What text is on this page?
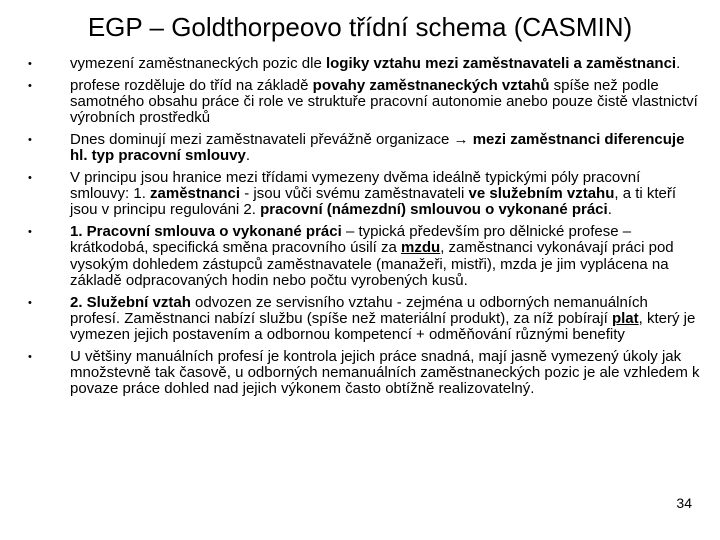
EGP – Goldthorpeovo třídní schema (CASMIN)
•	vymezení zaměstnaneckých pozic dle logiky vztahu mezi zaměstnavateli a zaměstnanci.
•	profese rozděluje do tříd na základě povahy zaměstnaneckých vztahů spíše než podle samotného obsahu práce či role ve struktuře pracovní autonomie anebo pouze čistě vlastnictví výrobních prostředků
•	Dnes dominují mezi zaměstnavateli převážně organizace → mezi zaměstnanci diferencuje hl. typ pracovní smlouvy.
•	V principu jsou hranice mezi třídami vymezeny dvěma ideálně typickými póly pracovní smlouvy: 1. zaměstnanci - jsou vůči svému zaměstnavateli ve služebním vztahu, a ti kteří jsou v principu regulováni 2. pracovní (námezdní) smlouvou o vykonané práci.
•	1. Pracovní smlouva o vykonané práci – typická především pro dělnické profese –krátkodobá, specifická směna pracovního úsilí za mzdu, zaměstnanci vykonávají práci pod vysokým dohledem zástupců zaměstnavatele (manažeři, mistři), mzda je jim vyplácena na základě odpracovaných hodin nebo počtu vyrobených kusů.
•	2. Služební vztah odvozen ze servisního vztahu - zejména u odborných nemanuálních profesí. Zaměstnanci nabízí službu (spíše než materiální produkt), za níž pobírají plat, který je vymezen jejich postavením a odbornou kompetencí + odměňování různými benefity
•	U většiny manuálních profesí je kontrola jejich práce snadná, mají jasně vymezený úkoly jak množstevně tak časově, u odborných nemanuálních zaměstnaneckých pozic je ale vzhledem k povaze práce dohled nad jejich výkonem často obtížně realizovatelný.
34
